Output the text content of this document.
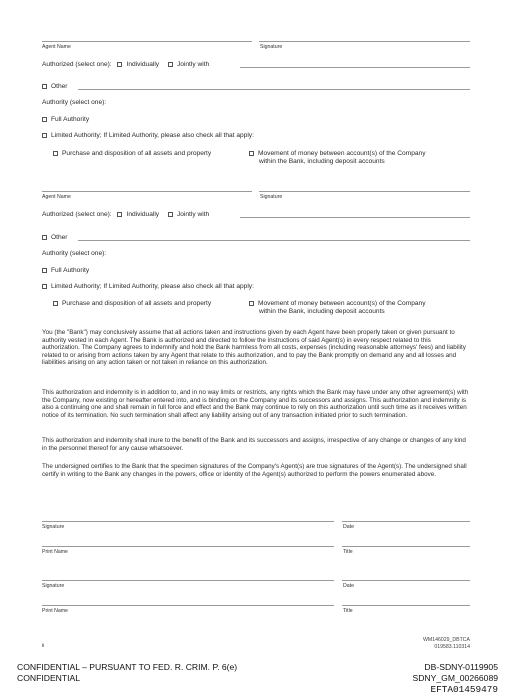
Agent Name	Signature
Authorized (select one): Individually	Jointly with
Other
Authority (select one):
Full Authority
Limited Authority; If Limited Authority, please also check all that apply:
Purchase and disposition of all assets and property	Movement of money between account(s) of the Company
within the Bank, including deposit accounts
Agent Name	Signature
Authorized (select one): Individually	Jointly with
Other
Authority (select one):
Full Authority
Limited Authority; If Limited Authority, please also check all that apply:
Purchase and disposition of all assets and property	Movement of money between account(s) of the Company
within the Bank, including deposit accounts
You (the "Bank") may conclusively assume that all actions taken and instructions given by each Agent have been properly taken or given pursuant to authority vested in each Agent. The Bank is authorized and directed to follow the instructions of said Agent(s) in every respect related to this authorization. The Company agrees to indemnify and hold the Bank harmless from all costs, expenses (including reasonable attorneys' fees) and liability related to or arising from actions taken by any Agent that relate to this authorization, and to pay the Bank promptly on demand any and all losses and liabilities arising on any action taken or not taken in reliance on this authorization.
This authorization and indemnity is in addition to, and in no way limits or restricts, any rights which the Bank may have under any other agreement(s) with the Company, now existing or hereafter entered into, and is binding on the Company and its successors and assigns. This authorization and indemnity is also a continuing one and shall remain in full force and effect and the Bank may continue to rely on this authorization until such time as it receives written notice of its termination. No such termination shall affect any liability arising out of any transaction initiated prior to such termination.
This authorization and indemnity shall inure to the benefit of the Bank and its successors and assigns, irrespective of any change or changes of any kind in the personnel thereof for any cause whatsoever.
The undersigned certifies to the Bank that the specimen signatures of the Company's Agent(s) are true signatures of the Agent(s). The undersigned shall certify in writing to the Bank any changes in the powers, office or identity of the Agent(s) authorized to perform the powers enumerated above.
Signature	Date
Print Name	Title
Signature	Date
Print Name	Title
ii
WM146029_DBTCA
019583.110314
CONFIDENTIAL – PURSUANT TO FED. R. CRIM. P. 6(e)
CONFIDENTIAL
DB-SDNY-0119905
SDNY_GM_00266089
EFTA01459479
